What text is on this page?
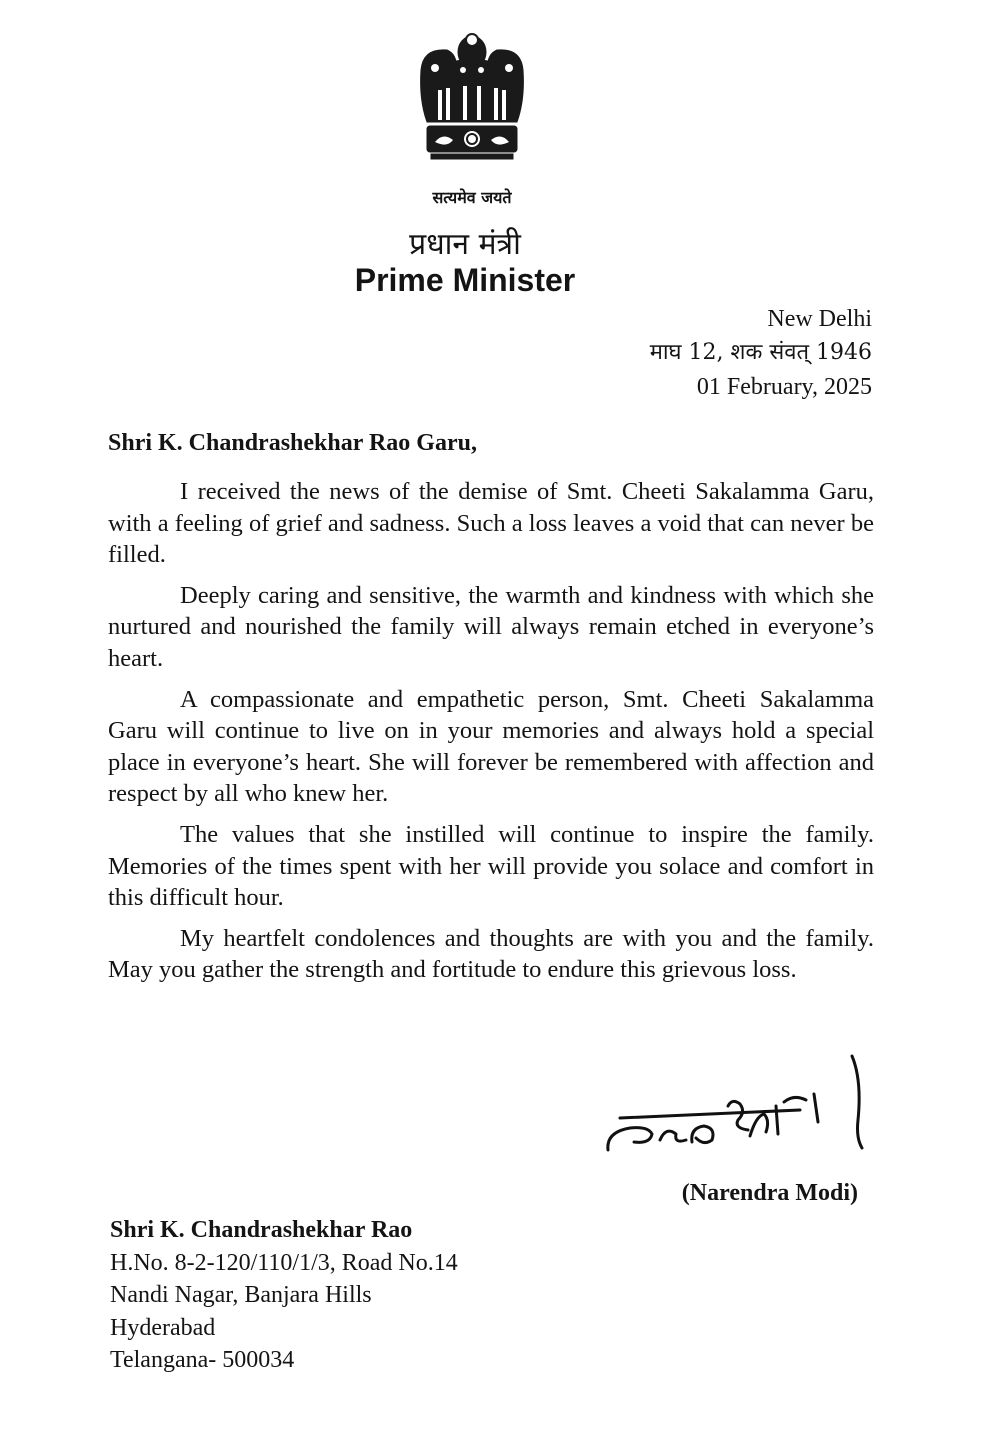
सत्यमेव जयते
प्रधान मंत्री
Prime Minister
New Delhi
माघ 12, शक संवत् 1946
01 February, 2025
Shri K. Chandrashekhar Rao Garu,

I received the news of the demise of Smt. Cheeti Sakalamma Garu, with a feeling of grief and sadness. Such a loss leaves a void that can never be filled.

Deeply caring and sensitive, the warmth and kindness with which she nurtured and nourished the family will always remain etched in everyone’s heart.

A compassionate and empathetic person, Smt. Cheeti Sakalamma Garu will continue to live on in your memories and always hold a special place in everyone’s heart. She will forever be remembered with affection and respect by all who knew her.

The values that she instilled will continue to inspire the family. Memories of the times spent with her will provide you solace and comfort in this difficult hour.

My heartfelt condolences and thoughts are with you and the family. May you gather the strength and fortitude to endure this grievous loss.

(Narendra Modi)
Shri K. Chandrashekhar Rao
H.No. 8-2-120/110/1/3, Road No.14
Nandi Nagar, Banjara Hills
Hyderabad
Telangana- 500034
